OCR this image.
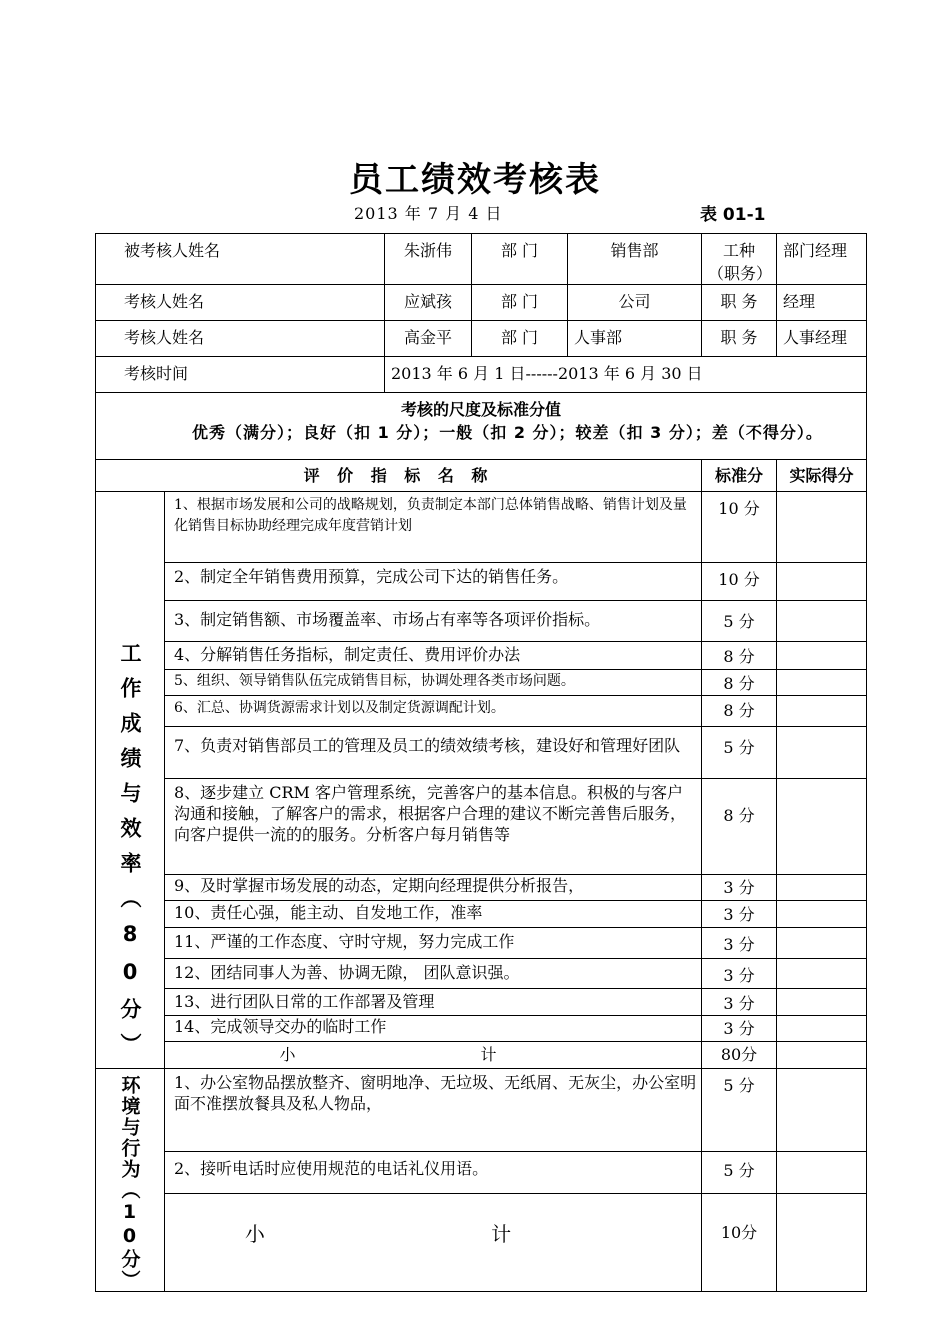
员工绩效考核表
2013 年 7 月 4 日	表 01-1
被考核人姓名		朱浙伟	部 门	销售部	工种（职务）	部门经理
考核人姓名		应斌孩	部 门	公司	职 务	经理
考核人姓名		高金平	部 门	人事部	职 务	人事经理
考核时间		2013 年 6 月 1 日------2013 年 6 月 30 日				

考核的尺度及标准分值
优秀（满分）；良好（扣 1 分）；一般（扣 2 分）；较差（扣 3 分）；差（不得分）。						

评 价 指 标 名 称					标准分	实际得分

工作成绩与效率（80分）	1、根据市场发展和公司的战略规划，负责制定本部门总体销售战略、销售计划及量化销售目标协助经理完成年度营销计划				10 分	
	2、制定全年销售费用预算，完成公司下达的销售任务。				10 分	
	3、制定销售额、市场覆盖率、市场占有率等各项评价指标。				5 分	
	4、分解销售任务指标，制定责任、费用评价办法				8 分	
	5、组织、领导销售队伍完成销售目标，协调处理各类市场问题。				8 分	
	6、汇总、协调货源需求计划以及制定货源调配计划。				8 分	
	7、负责对销售部员工的管理及员工的绩效绩考核，建设好和管理好团队				5 分	
	8、逐步建立 CRM 客户管理系统，完善客户的基本信息。积极的与客户沟通和接触，了解客户的需求，根据客户合理的建议不断完善售后服务，向客户提供一流的的服务。分析客户每月销售等				8 分	
	9、及时掌握市场发展的动态，定期向经理提供分析报告，				3 分	
	10、责任心强，能主动、自发地工作，准率				3 分	
	11、严谨的工作态度、守时守规，努力完成工作				3 分	
	12、团结同事人为善、协调无隙， 团队意识强。				3 分	
	13、进行团队日常的工作部署及管理				3 分	
	14、完成领导交办的临时工作				3 分	
	小 计				80分	

环境与行为（10分）	1、办公室物品摆放整齐、窗明地净、无垃圾、无纸屑、无灰尘，办公室明面不准摆放餐具及私人物品，				5 分	
	2、接听电话时应使用规范的电话礼仪用语。				5 分	
	小 计				10分	
